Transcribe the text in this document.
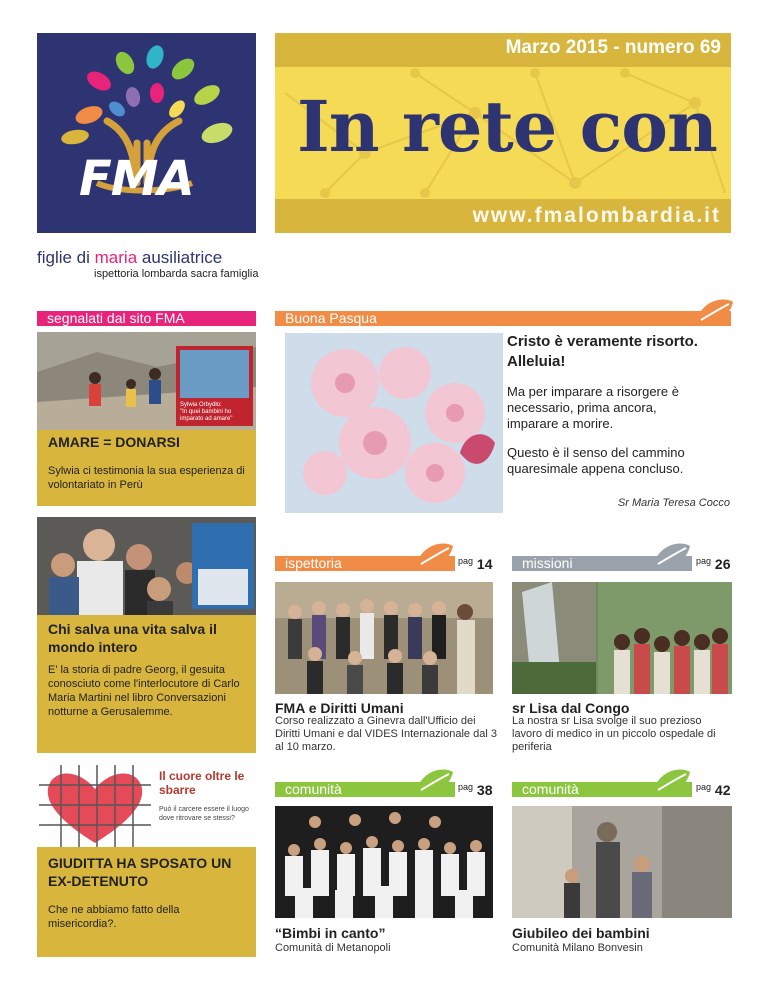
FMA
figlie di maria ausiliatrice
ispettoria lombarda sacra famiglia
Marzo 2015 - numero 69
In rete con
www.fmalombardia.it
segnalati dal sito FMA	Buona Pasqua
Sylwia Orbydło:
"In quei bambini ho imparato ad amare"
AMARE = DONARSI
Sylwia ci testimonia la sua esperienza di volontariato in Perù
Chi salva una vita salva il mondo intero
E' la storia di padre Georg, il gesuita conosciuto come l'interlocutore di Carlo Maria Martini nel libro Conversazioni notturne a Gerusalemme.
Il cuore oltre le sbarre
Può il carcere essere il luogo dove ritrovare se stessi?
GIUDITTA HA SPOSATO UN EX-DETENUTO
Che ne abbiamo fatto della misericordia?.
Cristo è veramente risorto. Alleluia!
Ma per imparare a risorgere è necessario, prima ancora, imparare a morire.
Questo è il senso del cammino quaresimale appena concluso.
Sr Maria Teresa Cocco
ispettoria	$^{pag}$ 14	missioni	$^{pag}$ 26
FMA e Diritti Umani
Corso realizzato a Ginevra dall'Ufficio dei Diritti Umani e dal VIDES Internazionale dal 3 al 10 marzo.
sr Lisa dal Congo
La nostra sr Lisa svolge il suo prezioso lavoro di medico in un piccolo ospedale di periferia
comunità	$^{pag}$ 38	comunità	$^{pag}$ 42
“Bimbi in canto”
Comunità di Metanopoli
Giubileo dei bambini
Comunità Milano Bonvesin
